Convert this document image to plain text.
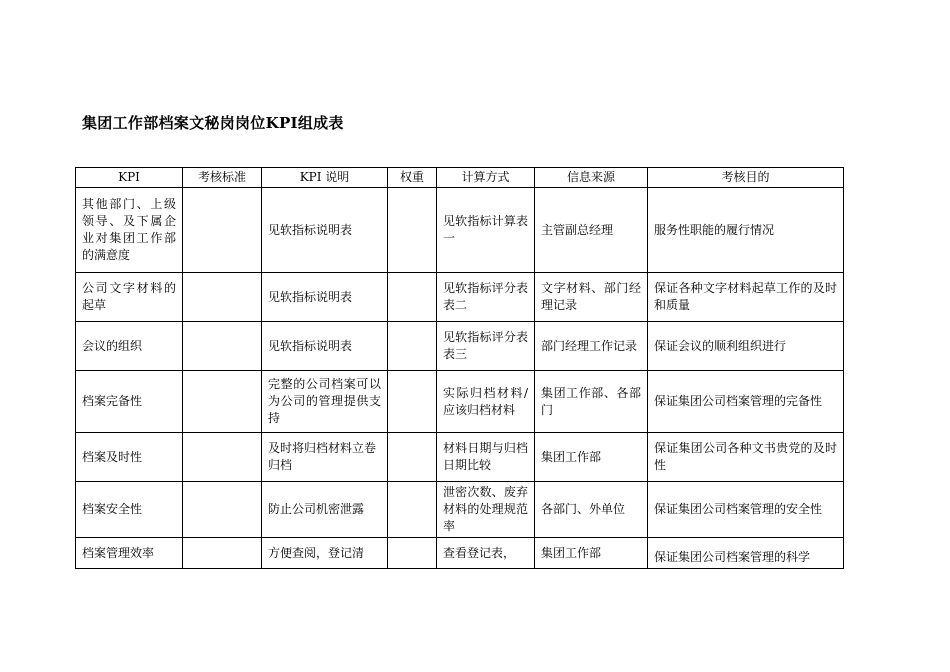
集团工作部档案文秘岗岗位KPI组成表
KPI	考核标准	KPI 说明	权重	计算方式	信息来源	考核目的
其他部门、上级领导、及下属企业对集团工作部的满意度		见软指标说明表		见软指标计算表一	主管副总经理	服务性职能的履行情况
公司文字材料的起草		见软指标说明表		见软指标评分表表二	文字材料、部门经理记录	保证各种文字材料起草工作的及时和质量
会议的组织		见软指标说明表		见软指标评分表表三	部门经理工作记录	保证会议的顺利组织进行
档案完备性		完整的公司档案可以为公司的管理提供支持		实际归档材料/应该归档材料	集团工作部、各部门	保证集团公司档案管理的完备性
档案及时性		及时将归档材料立卷归档		材料日期与归档日期比较	集团工作部	保证集团公司各种文书贵党的及时性
档案安全性		防止公司机密泄露		泄密次数、废弃材料的处理规范率	各部门、外单位	保证集团公司档案管理的安全性
档案管理效率		方便查阅，登记清		查看登记表，	集团工作部	保证集团公司档案管理的科学
